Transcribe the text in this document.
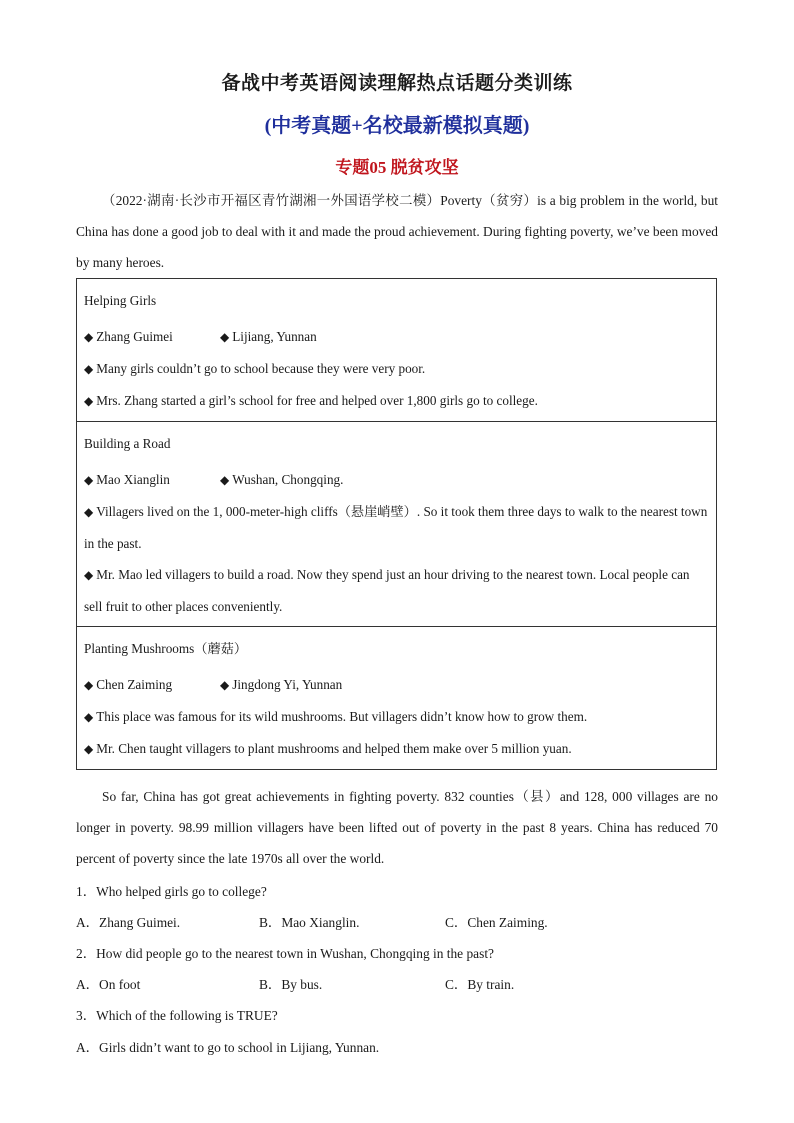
备战中考英语阅读理解热点话题分类训练
(中考真题+名校最新模拟真题)
专题05 脱贫攻坚
（2022·湖南·长沙市开福区青竹湖湘一外国语学校二模）Poverty（贫穷）is a big problem in the world, but China has done a good job to deal with it and made the proud achievement. During fighting poverty, we’ve been moved by many heroes.
Helping Girls
◆ Zhang Guimei	◆ Lijiang, Yunnan
◆ Many girls couldn’t go to school because they were very poor.
◆ Mrs. Zhang started a girl’s school for free and helped over 1,800 girls go to college.
Building a Road
◆ Mao Xianglin	◆ Wushan, Chongqing.
◆ Villagers lived on the 1, 000-meter-high cliffs（悬崖峭壁）. So it took them three days to walk to the nearest town in the past.
◆ Mr. Mao led villagers to build a road. Now they spend just an hour driving to the nearest town. Local people can sell fruit to other places conveniently.
Planting Mushrooms（蘑菇）
◆ Chen Zaiming	◆ Jingdong Yi, Yunnan
◆ This place was famous for its wild mushrooms. But villagers didn’t know how to grow them.
◆ Mr. Chen taught villagers to plant mushrooms and helped them make over 5 million yuan.
So far, China has got great achievements in fighting poverty. 832 counties（县）and 128, 000 villages are no longer in poverty. 98.99 million villagers have been lifted out of poverty in the past 8 years. China has reduced 70 percent of poverty since the late 1970s all over the world.
1．Who helped girls go to college?
A．Zhang Guimei.	B．Mao Xianglin.	C．Chen Zaiming.
2．How did people go to the nearest town in Wushan, Chongqing in the past?
A．On foot	B．By bus.	C．By train.
3．Which of the following is TRUE?
A．Girls didn’t want to go to school in Lijiang, Yunnan.
